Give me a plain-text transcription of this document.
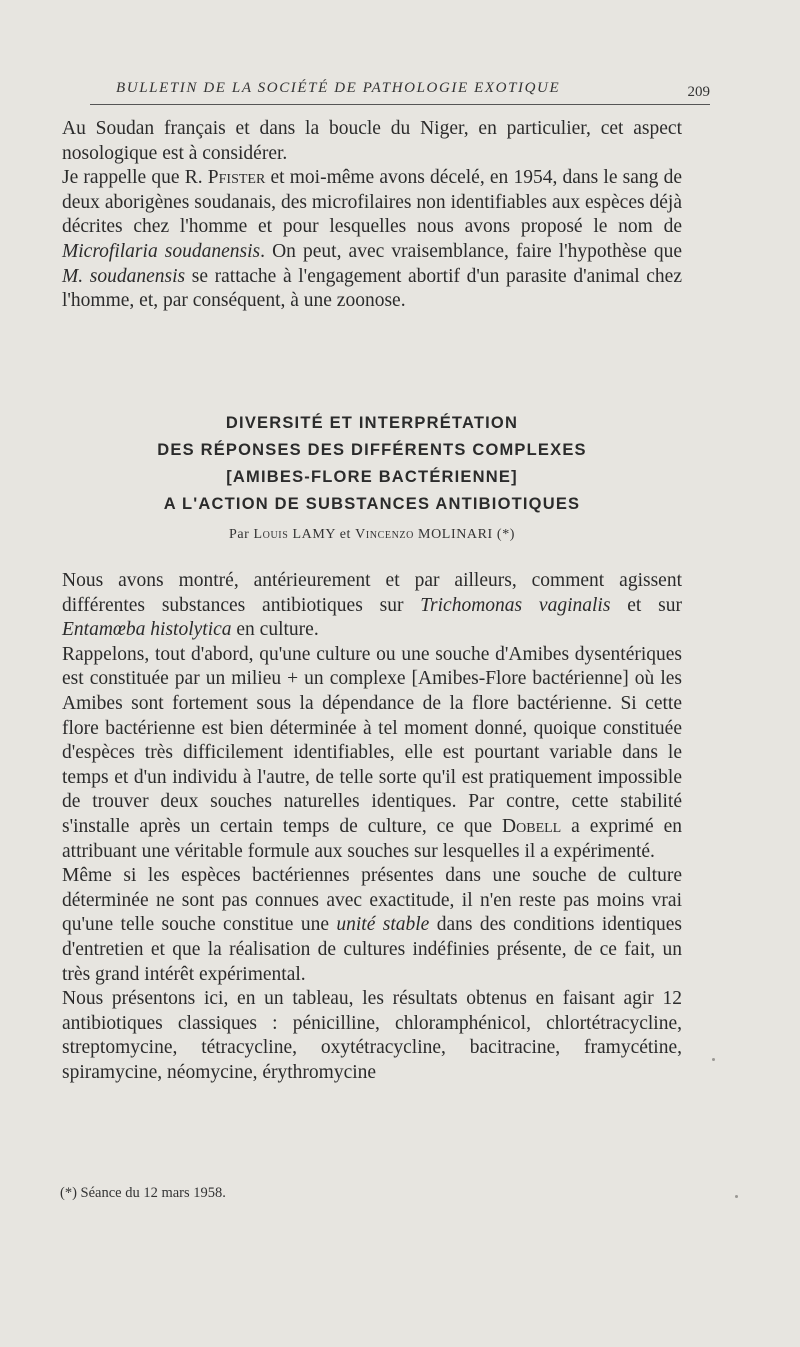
BULLETIN DE LA SOCIÉTÉ DE PATHOLOGIE EXOTIQUE	209

Au Soudan français et dans la boucle du Niger, en particulier, cet aspect nosologique est à considérer.

Je rappelle que R. Pfister et moi-même avons décelé, en 1954, dans le sang de deux aborigènes soudanais, des microfilaires non identifiables aux espèces déjà décrites chez l'homme et pour lesquelles nous avons proposé le nom de Microfilaria soudanensis. On peut, avec vraisemblance, faire l'hypothèse que M. soudanensis se rattache à l'engagement abortif d'un parasite d'animal chez l'homme, et, par conséquent, à une zoonose.

DIVERSITÉ ET INTERPRÉTATION
DES RÉPONSES DES DIFFÉRENTS COMPLEXES
[AMIBES-FLORE BACTÉRIENNE]
A L'ACTION DE SUBSTANCES ANTIBIOTIQUES
Par Louis LAMY et Vincenzo MOLINARI (*)

Nous avons montré, antérieurement et par ailleurs, comment agissent différentes substances antibiotiques sur Trichomonas vaginalis et sur Entamœba histolytica en culture.

Rappelons, tout d'abord, qu'une culture ou une souche d'Amibes dysentériques est constituée par un milieu + un complexe [Amibes-Flore bactérienne] où les Amibes sont fortement sous la dépendance de la flore bactérienne. Si cette flore bactérienne est bien déterminée à tel moment donné, quoique constituée d'espèces très difficilement identifiables, elle est pourtant variable dans le temps et d'un individu à l'autre, de telle sorte qu'il est pratiquement impossible de trouver deux souches naturelles identiques. Par contre, cette stabilité s'installe après un certain temps de culture, ce que Dobell a exprimé en attribuant une véritable formule aux souches sur lesquelles il a expérimenté.

Même si les espèces bactériennes présentes dans une souche de culture déterminée ne sont pas connues avec exactitude, il n'en reste pas moins vrai qu'une telle souche constitue une unité stable dans des conditions identiques d'entretien et que la réalisation de cultures indéfinies présente, de ce fait, un très grand intérêt expérimental.

Nous présentons ici, en un tableau, les résultats obtenus en faisant agir 12 antibiotiques classiques : pénicilline, chloramphénicol, chlortétracycline, streptomycine, tétracycline, oxytétracycline, bacitracine, framycétine, spiramycine, néomycine, érythromycine

(*) Séance du 12 mars 1958.
